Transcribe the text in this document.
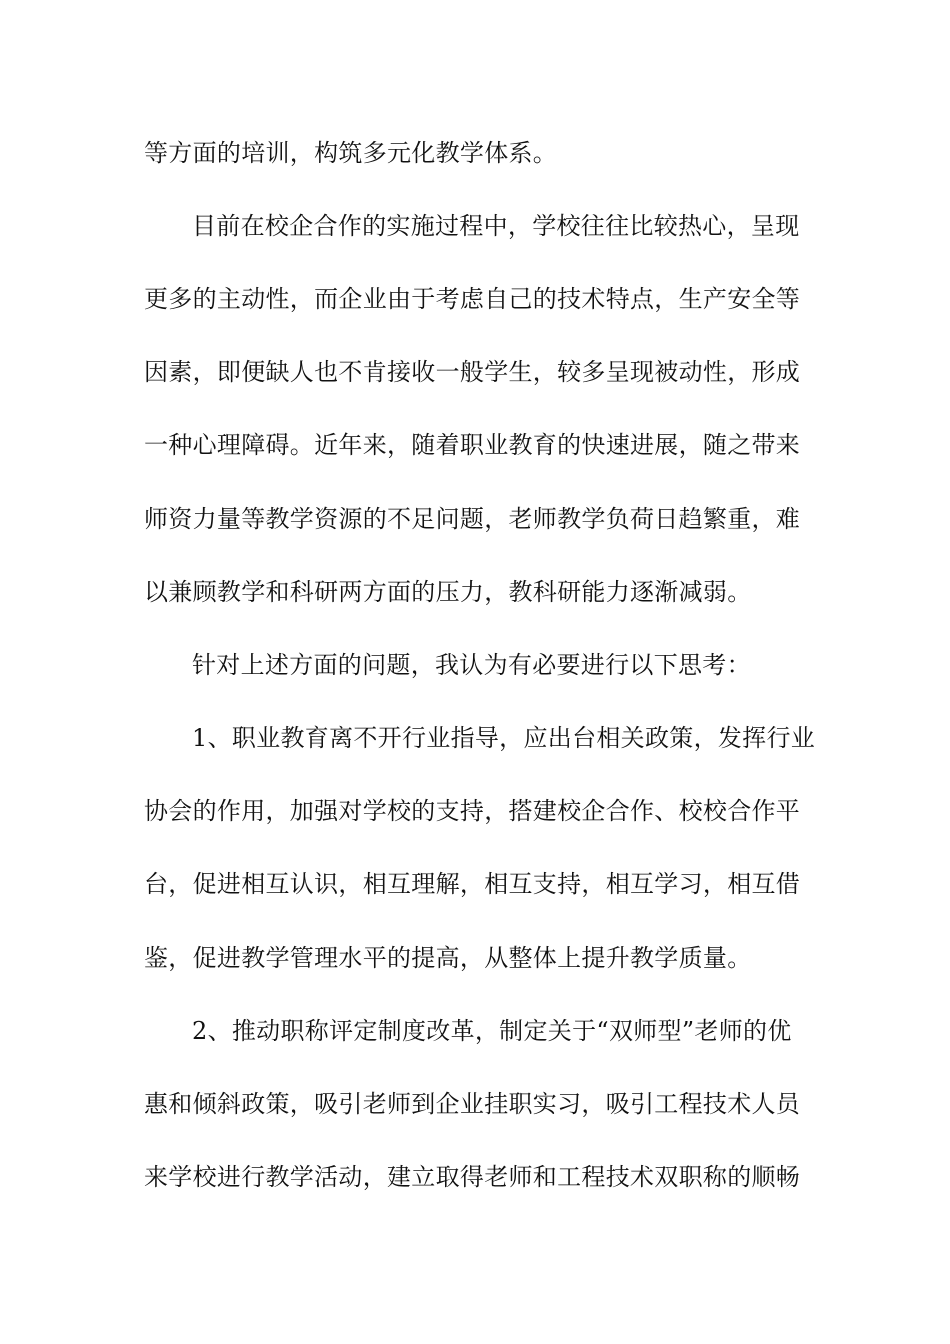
等方面的培训，构筑多元化教学体系。
目前在校企合作的实施过程中，学校往往比较热心，呈现
更多的主动性，而企业由于考虑自己的技术特点，生产安全等
因素，即便缺人也不肯接收一般学生，较多呈现被动性，形成
一种心理障碍。近年来，随着职业教育的快速进展，随之带来
师资力量等教学资源的不足问题，老师教学负荷日趋繁重，难
以兼顾教学和科研两方面的压力，教科研能力逐渐减弱。
针对上述方面的问题，我认为有必要进行以下思考：
1、职业教育离不开行业指导，应出台相关政策，发挥行业
协会的作用，加强对学校的支持，搭建校企合作、校校合作平
台，促进相互认识，相互理解，相互支持，相互学习，相互借
鉴，促进教学管理水平的提高，从整体上提升教学质量。
2、推动职称评定制度改革，制定关于“双师型”老师的优
惠和倾斜政策，吸引老师到企业挂职实习，吸引工程技术人员
来学校进行教学活动，建立取得老师和工程技术双职称的顺畅
